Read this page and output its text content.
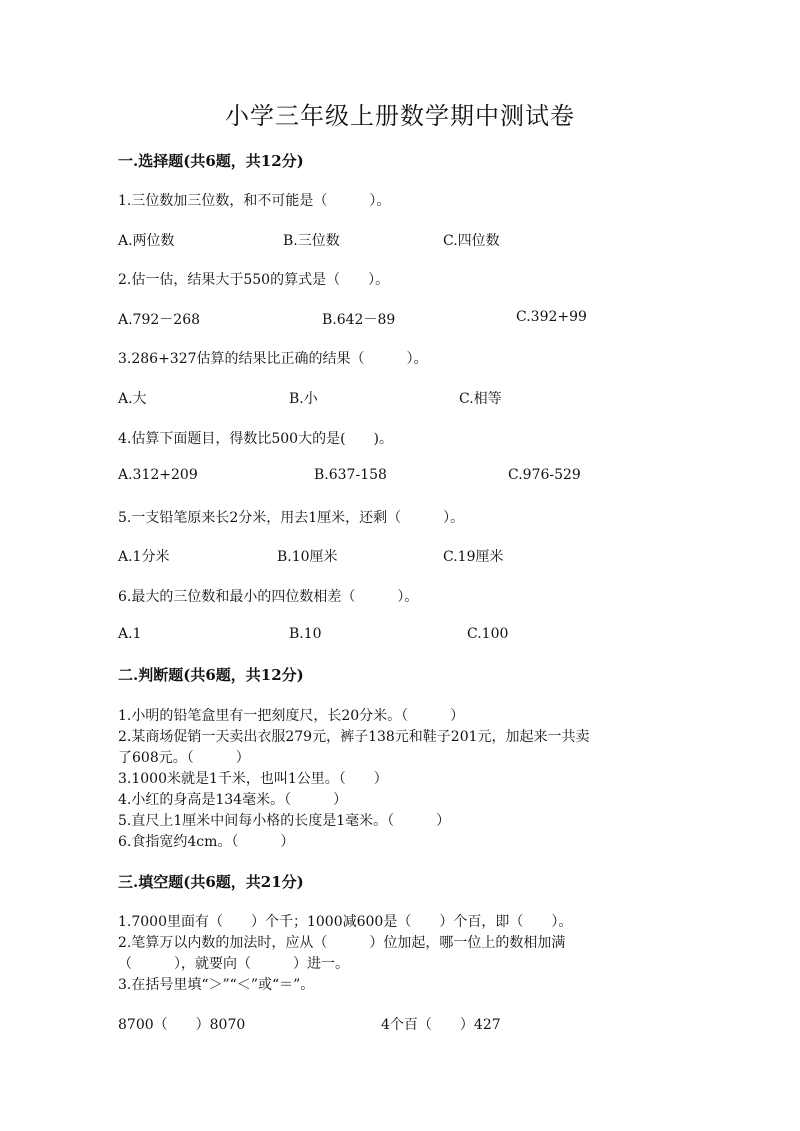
小学三年级上册数学期中测试卷
一.选择题(共6题，共12分)
1.三位数加三位数，和不可能是（　　　）。
A.两位数	B.三位数	C.四位数
2.估一估，结果大于550的算式是（　　）。
A.792－268	B.642－89	C.392+99
3.286+327估算的结果比正确的结果（　　　）。
A.大	B.小	C.相等
4.估算下面题目，得数比500大的是(　　)。
A.312+209	B.637-158	C.976-529
5.一支铅笔原来长2分米，用去1厘米，还剩（　　　）。
A.1分米	B.10厘米	C.19厘米
6.最大的三位数和最小的四位数相差（　　　）。
A.1	B.10	C.100
二.判断题(共6题，共12分)
1.小明的铅笔盒里有一把刻度尺，长20分米。（　　　）
2.某商场促销一天卖出衣服279元，裤子138元和鞋子201元，加起来一共卖
了608元。（　　　）
3.1000米就是1千米，也叫1公里。（　　）
4.小红的身高是134毫米。（　　　）
5.直尺上1厘米中间每小格的长度是1毫米。（　　　）
6.食指宽约4cm。（　　　）
三.填空题(共6题，共21分)
1.7000里面有（　　）个千；1000减600是（　　）个百，即（　　）。
2.笔算万以内数的加法时，应从（　　　）位加起，哪一位上的数相加满
（　　　），就要向（　　　）进一。
3.在括号里填“＞”“＜”或“＝”。
8700（　　）8070	4个百（　　）427
